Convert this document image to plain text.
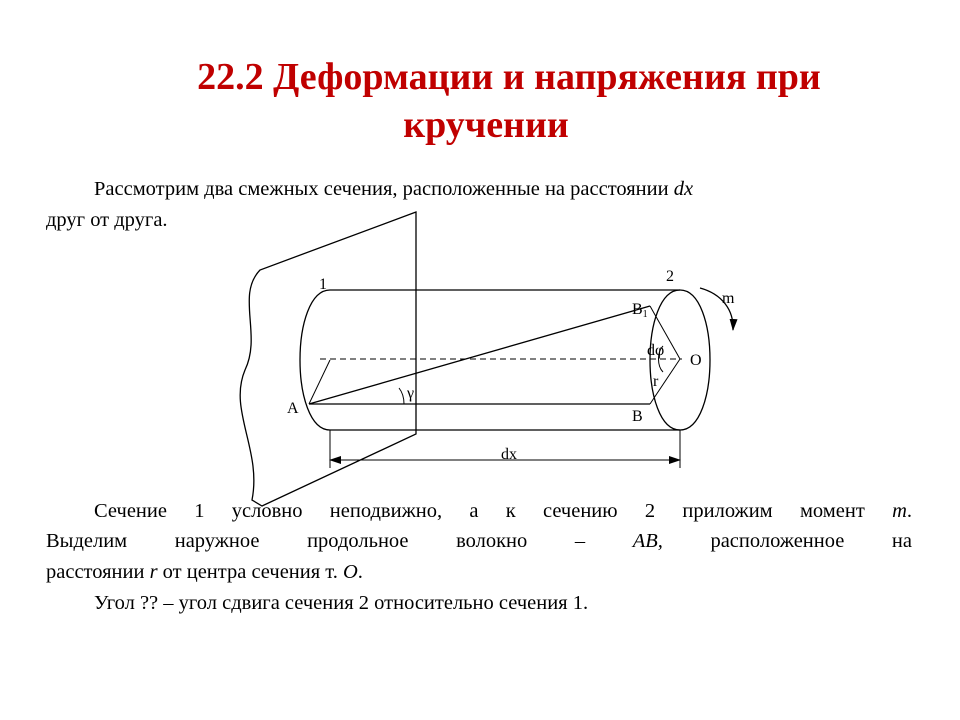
22.2 Деформации и напряжения при
кручении

Рассмотрим два смежных сечения, расположенные на расстоянии dx

друг от друга.

1	2
m
B1
dφ
O
r
γ
A	B
dx

Сечение 1 условно неподвижно, а к сечению 2 приложим момент m.

Выделим наружное продольное волокно – AB, расположенное на

расстоянии r от центра сечения т. O.

Угол ?? – угол сдвига сечения 2 относительно сечения 1.
